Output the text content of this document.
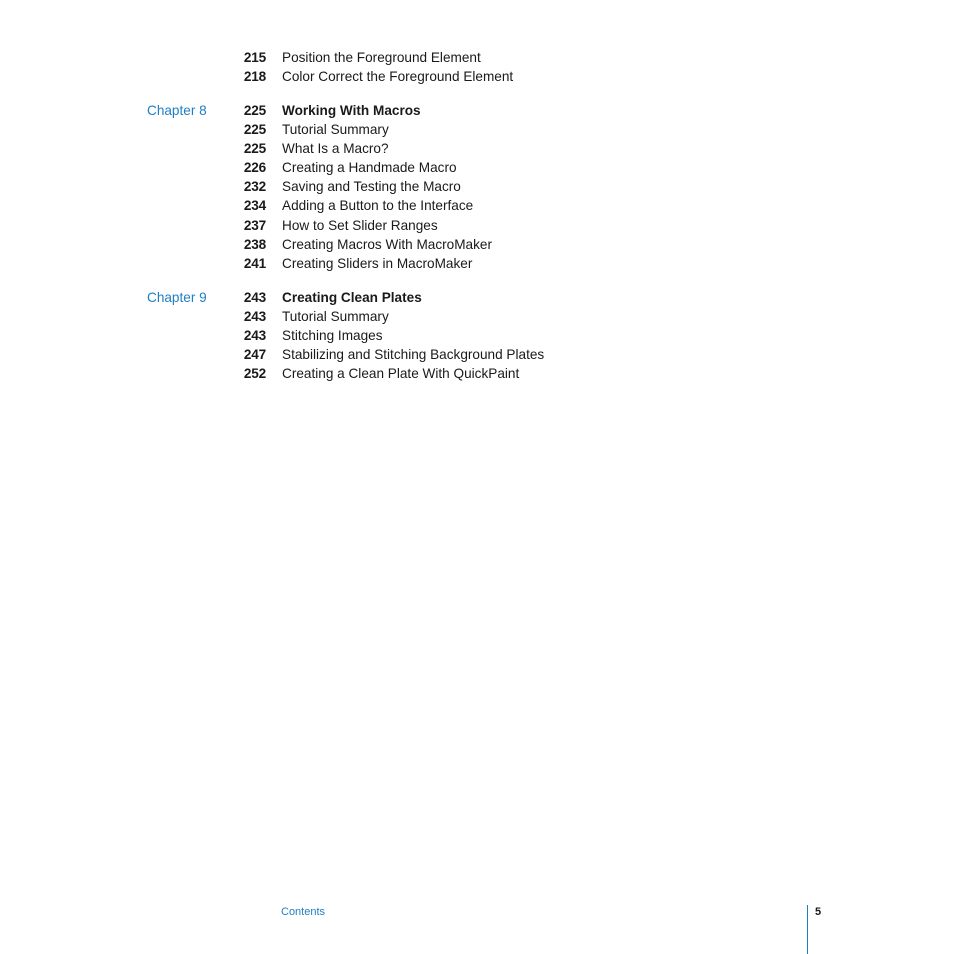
215 Position the Foreground Element
218 Color Correct the Foreground Element
Chapter 8	225 Working With Macros
225 Tutorial Summary
225 What Is a Macro?
226 Creating a Handmade Macro
232 Saving and Testing the Macro
234 Adding a Button to the Interface
237 How to Set Slider Ranges
238 Creating Macros With MacroMaker
241 Creating Sliders in MacroMaker
Chapter 9	243 Creating Clean Plates
243 Tutorial Summary
243 Stitching Images
247 Stabilizing and Stitching Background Plates
252 Creating a Clean Plate With QuickPaint
Contents	5
